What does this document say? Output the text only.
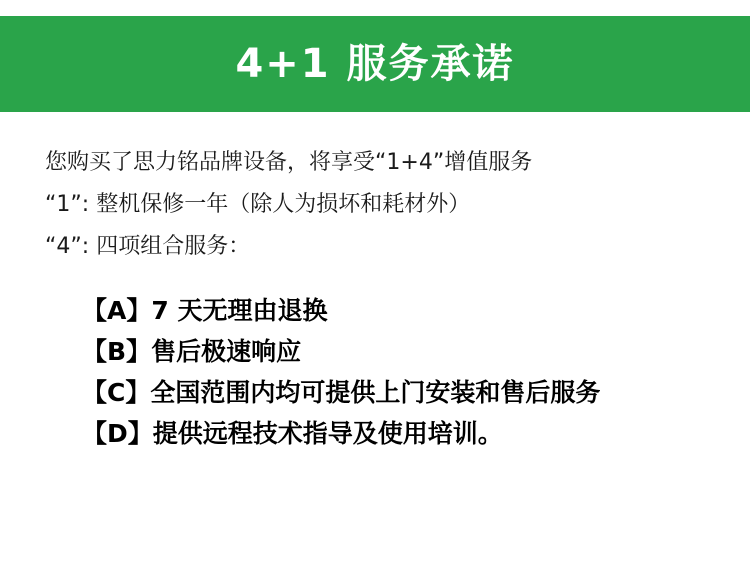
4+1 服务承诺

您购买了思力铭品牌设备，将享受“1+4”增值服务

“1”: 整机保修一年（除人为损坏和耗材外）

“4”: 四项组合服务：

【A】7 天无理由退换
【B】售后极速响应
【C】全国范围内均可提供上门安装和售后服务
【D】提供远程技术指导及使用培训。
